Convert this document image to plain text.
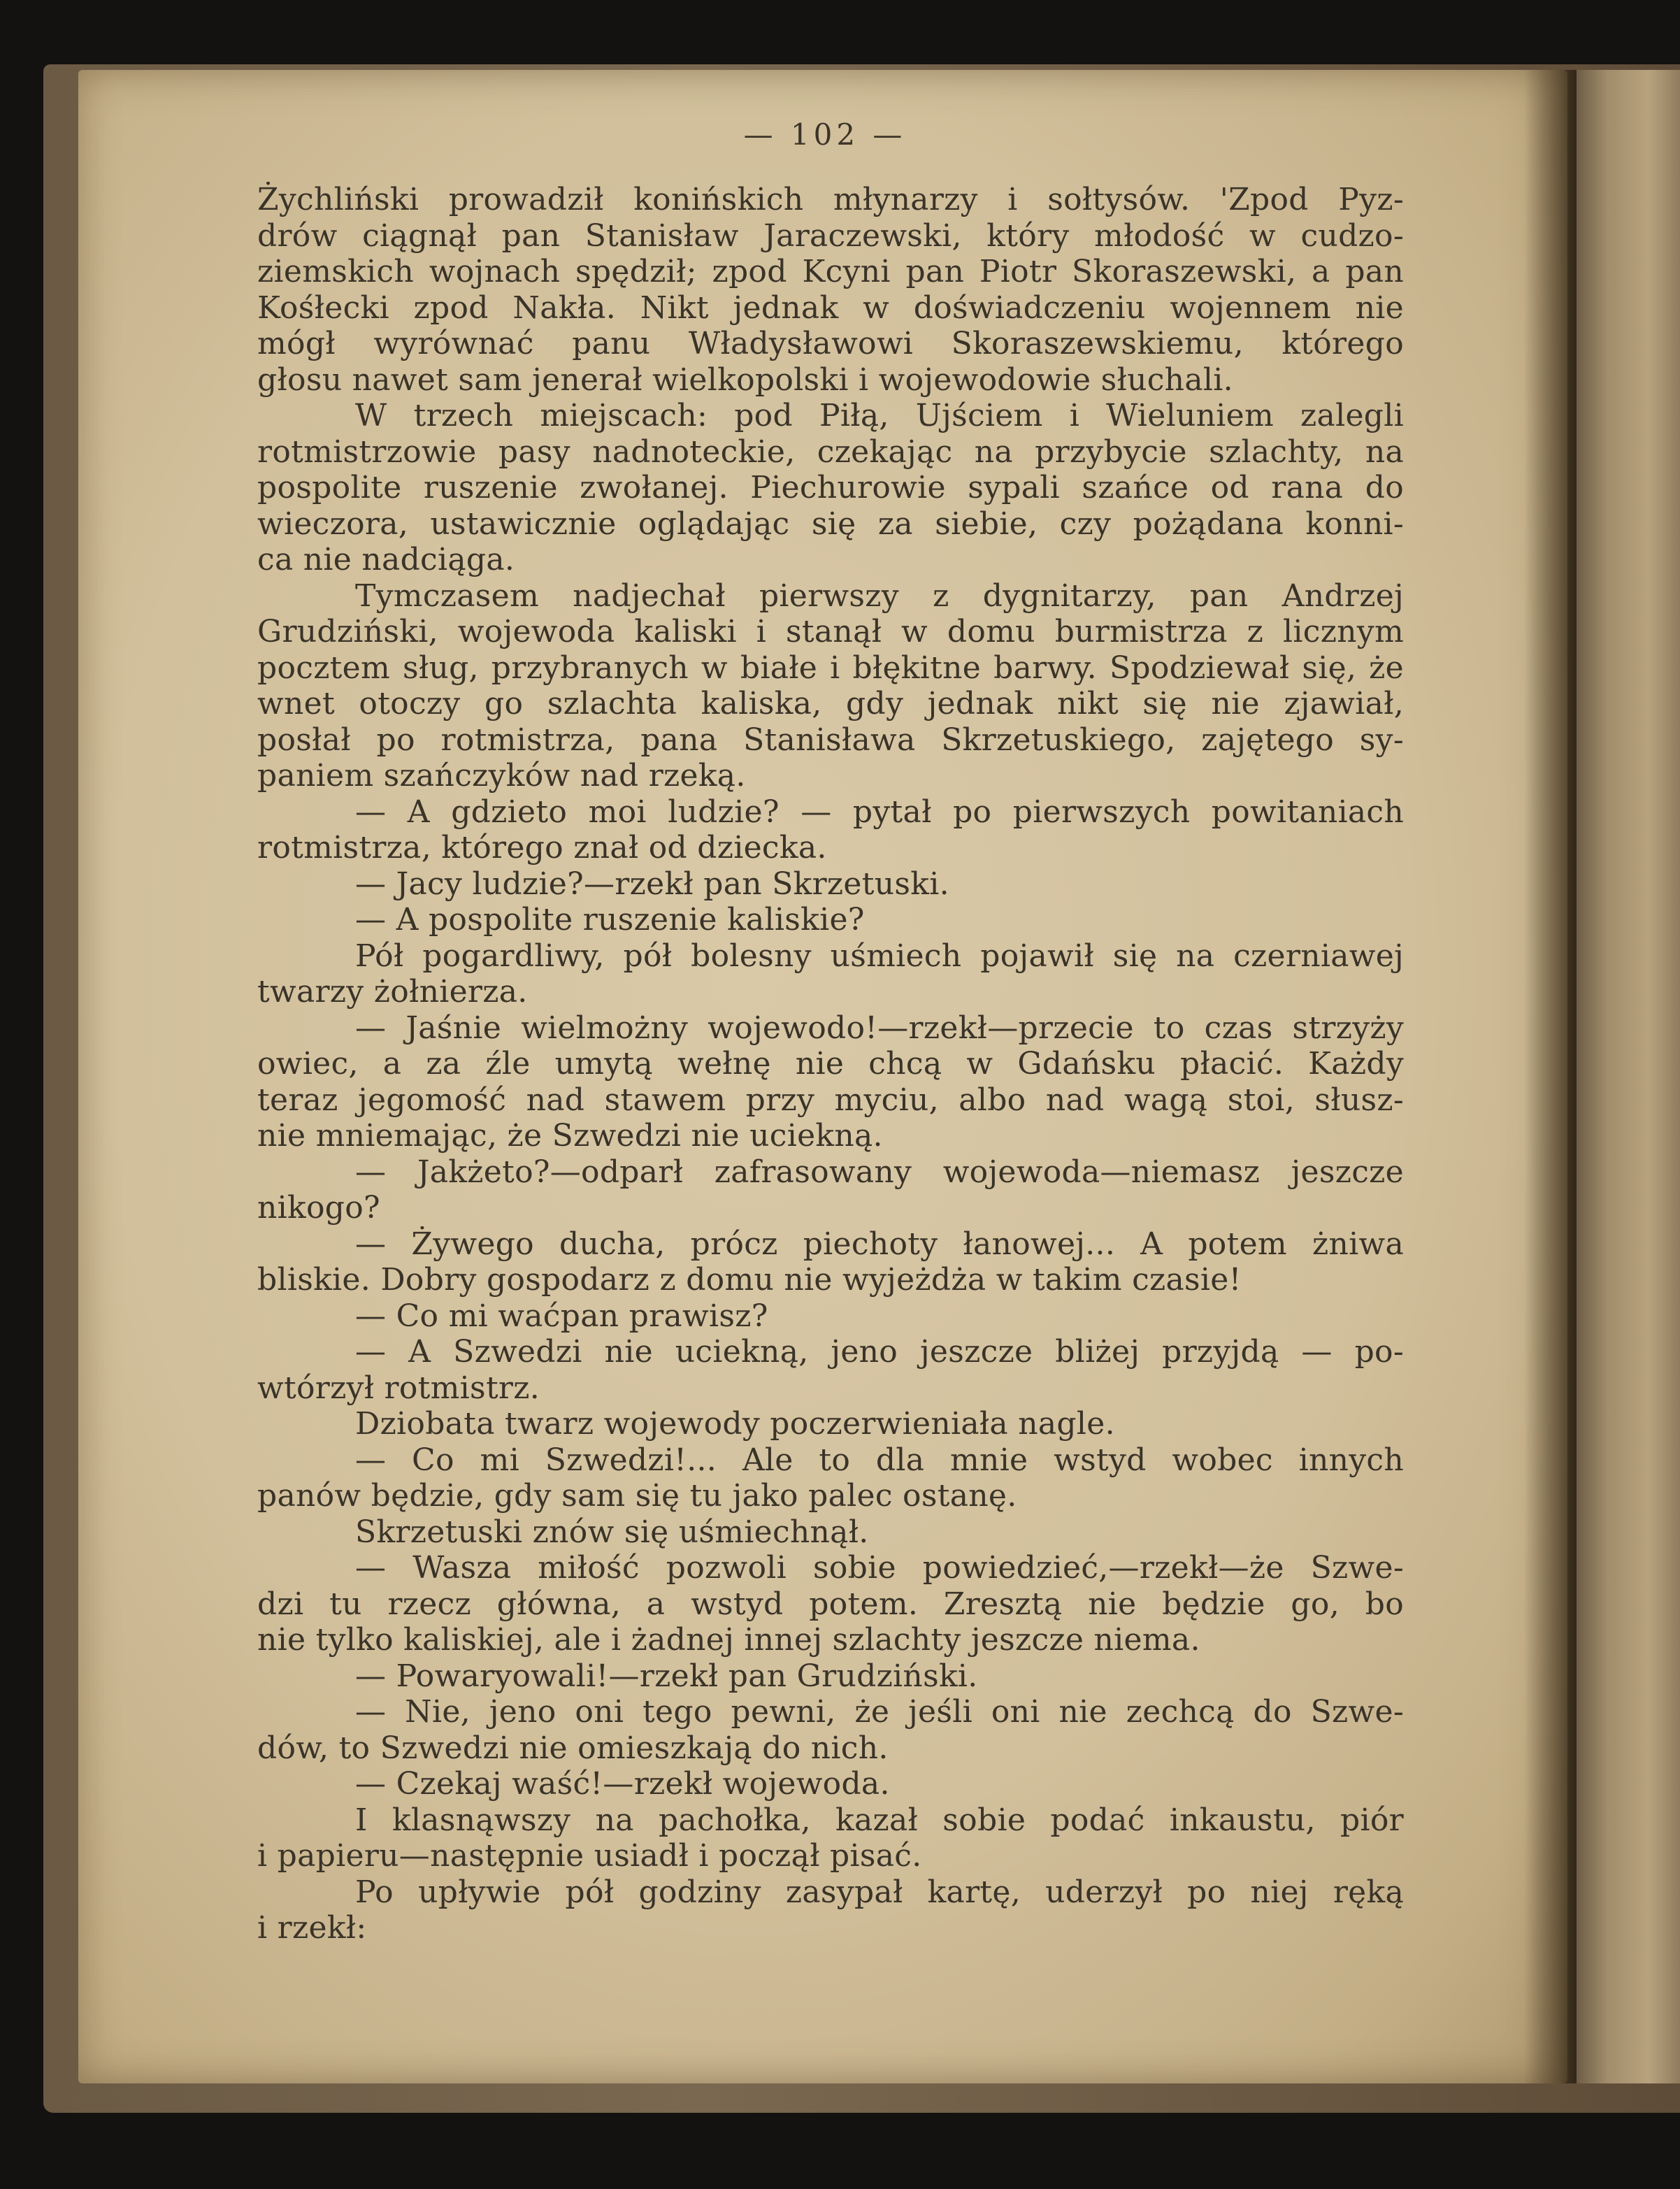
— 102 —
Żychliński prowadził konińskich młynarzy i sołtysów. 'Zpod Pyz-
drów ciągnął pan Stanisław Jaraczewski, który młodość w cudzo-
ziemskich wojnach spędził; zpod Kcyni pan Piotr Skoraszewski, a pan
Kośłecki zpod Nakła. Nikt jednak w doświadczeniu wojennem nie
mógł wyrównać panu Władysławowi Skoraszewskiemu, którego
głosu nawet sam jenerał wielkopolski i wojewodowie słuchali.
W trzech miejscach: pod Piłą, Ujściem i Wieluniem zalegli
rotmistrzowie pasy nadnoteckie, czekając na przybycie szlachty, na
pospolite ruszenie zwołanej. Piechurowie sypali szańce od rana do
wieczora, ustawicznie oglądając się za siebie, czy pożądana konni-
ca nie nadciąga.
Tymczasem nadjechał pierwszy z dygnitarzy, pan Andrzej
Grudziński, wojewoda kaliski i stanął w domu burmistrza z licznym
pocztem sług, przybranych w białe i błękitne barwy. Spodziewał się, że
wnet otoczy go szlachta kaliska, gdy jednak nikt się nie zjawiał,
posłał po rotmistrza, pana Stanisława Skrzetuskiego, zajętego sy-
paniem szańczyków nad rzeką.
— A gdzieto moi ludzie? — pytał po pierwszych powitaniach
rotmistrza, którego znał od dziecka.
— Jacy ludzie?—rzekł pan Skrzetuski.
— A pospolite ruszenie kaliskie?
Pół pogardliwy, pół bolesny uśmiech pojawił się na czerniawej
twarzy żołnierza.
— Jaśnie wielmożny wojewodo!—rzekł—przecie to czas strzyży
owiec, a za źle umytą wełnę nie chcą w Gdańsku płacić. Każdy
teraz jegomość nad stawem przy myciu, albo nad wagą stoi, słusz-
nie mniemając, że Szwedzi nie uciekną.
— Jakżeto?—odparł zafrasowany wojewoda—niemasz jeszcze
nikogo?
— Żywego ducha, prócz piechoty łanowej... A potem żniwa
bliskie. Dobry gospodarz z domu nie wyjeżdża w takim czasie!
— Co mi waćpan prawisz?
— A Szwedzi nie uciekną, jeno jeszcze bliżej przyjdą — po-
wtórzył rotmistrz.
Dziobata twarz wojewody poczerwieniała nagle.
— Co mi Szwedzi!... Ale to dla mnie wstyd wobec innych
panów będzie, gdy sam się tu jako palec ostanę.
Skrzetuski znów się uśmiechnął.
— Wasza miłość pozwoli sobie powiedzieć,—rzekł—że Szwe-
dzi tu rzecz główna, a wstyd potem. Zresztą nie będzie go, bo
nie tylko kaliskiej, ale i żadnej innej szlachty jeszcze niema.
— Powaryowali!—rzekł pan Grudziński.
— Nie, jeno oni tego pewni, że jeśli oni nie zechcą do Szwe-
dów, to Szwedzi nie omieszkają do nich.
— Czekaj waść!—rzekł wojewoda.
I klasnąwszy na pachołka, kazał sobie podać inkaustu, piór
i papieru—następnie usiadł i począł pisać.
Po upływie pół godziny zasypał kartę, uderzył po niej ręką
i rzekł:
